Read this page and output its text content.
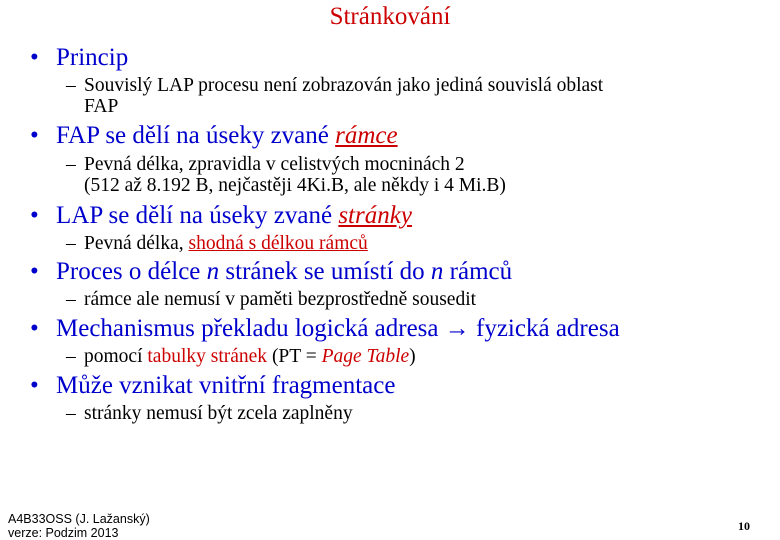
Stránkování
• Princip
– Souvislý LAP procesu není zobrazován jako jediná souvislá oblast
FAP
• FAP se dělí na úseky zvané rámce
– Pevná délka, zpravidla v celistvých mocninách 2
(512 až 8.192 B, nejčastěji 4Ki.B, ale někdy i 4 Mi.B)
• LAP se dělí na úseky zvané stránky
– Pevná délka, shodná s délkou rámců
• Proces o délce n stránek se umístí do n rámců
– rámce ale nemusí v paměti bezprostředně sousedit
• Mechanismus překladu logická adresa → fyzická adresa
– pomocí tabulky stránek (PT = Page Table)
• Může vznikat vnitřní fragmentace
– stránky nemusí být zcela zaplněny
A4B33OSS (J. Lažanský)
verze: Podzim 2013	10
